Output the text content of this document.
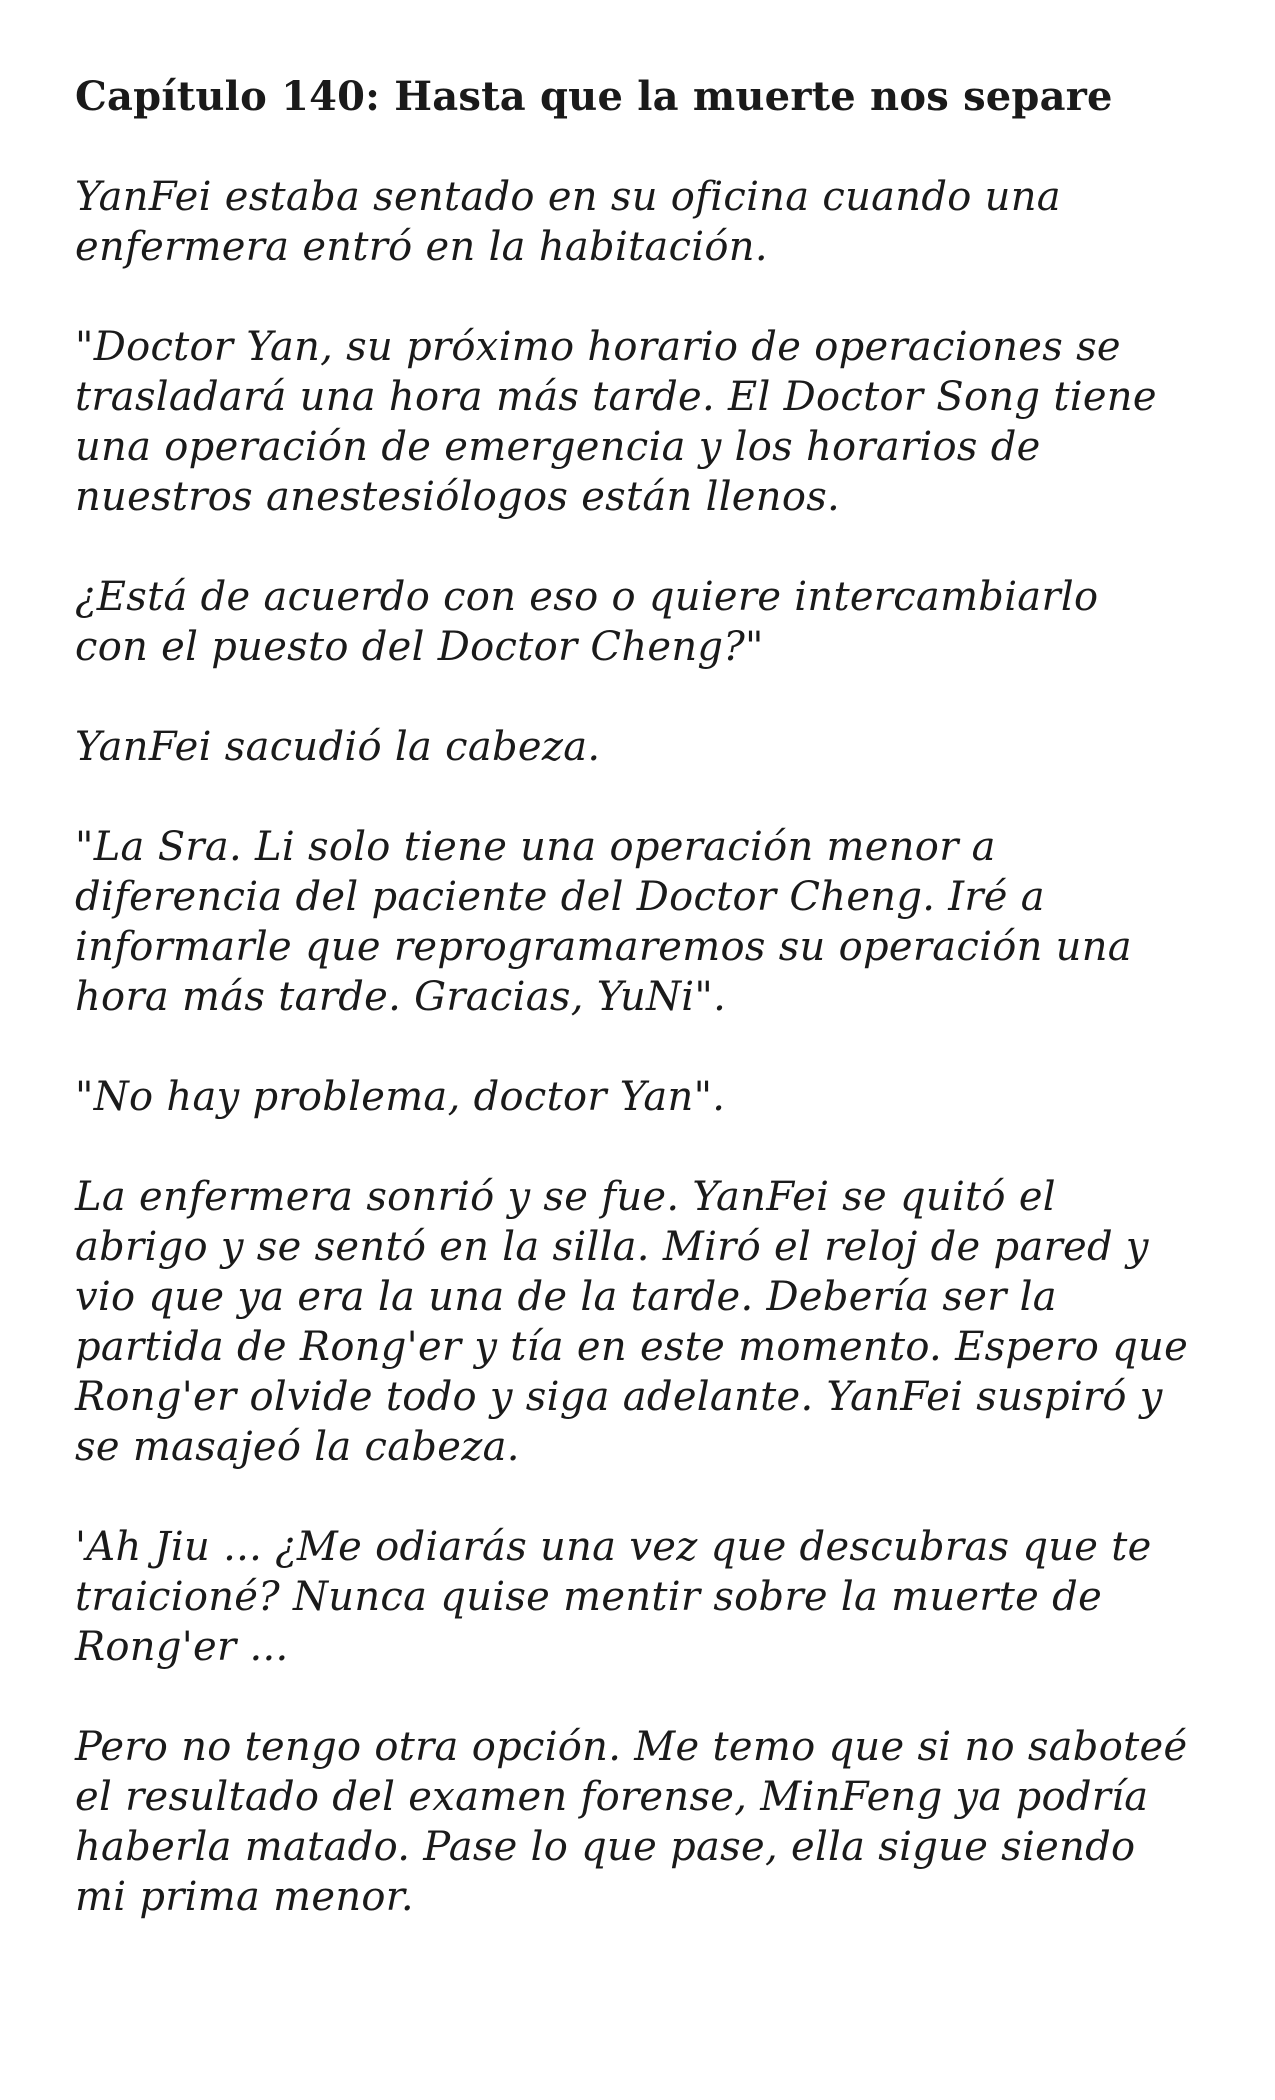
Capítulo 140: Hasta que la muerte nos separe
YanFei estaba sentado en su oficina cuando una
enfermera entró en la habitación.
"Doctor Yan, su próximo horario de operaciones se
trasladará una hora más tarde. El Doctor Song tiene
una operación de emergencia y los horarios de
nuestros anestesiólogos están llenos.
¿Está de acuerdo con eso o quiere intercambiarlo
con el puesto del Doctor Cheng?"
YanFei sacudió la cabeza.
"La Sra. Li solo tiene una operación menor a
diferencia del paciente del Doctor Cheng. Iré a
informarle que reprogramaremos su operación una
hora más tarde. Gracias, YuNi".
"No hay problema, doctor Yan".
La enfermera sonrió y se fue. YanFei se quitó el
abrigo y se sentó en la silla. Miró el reloj de pared y
vio que ya era la una de la tarde. Debería ser la
partida de Rong'er y tía en este momento. Espero que
Rong'er olvide todo y siga adelante. YanFei suspiró y
se masajeó la cabeza.
'Ah Jiu ... ¿Me odiarás una vez que descubras que te
traicioné? Nunca quise mentir sobre la muerte de
Rong'er ...
Pero no tengo otra opción. Me temo que si no saboteé
el resultado del examen forense, MinFeng ya podría
haberla matado. Pase lo que pase, ella sigue siendo
mi prima menor.
